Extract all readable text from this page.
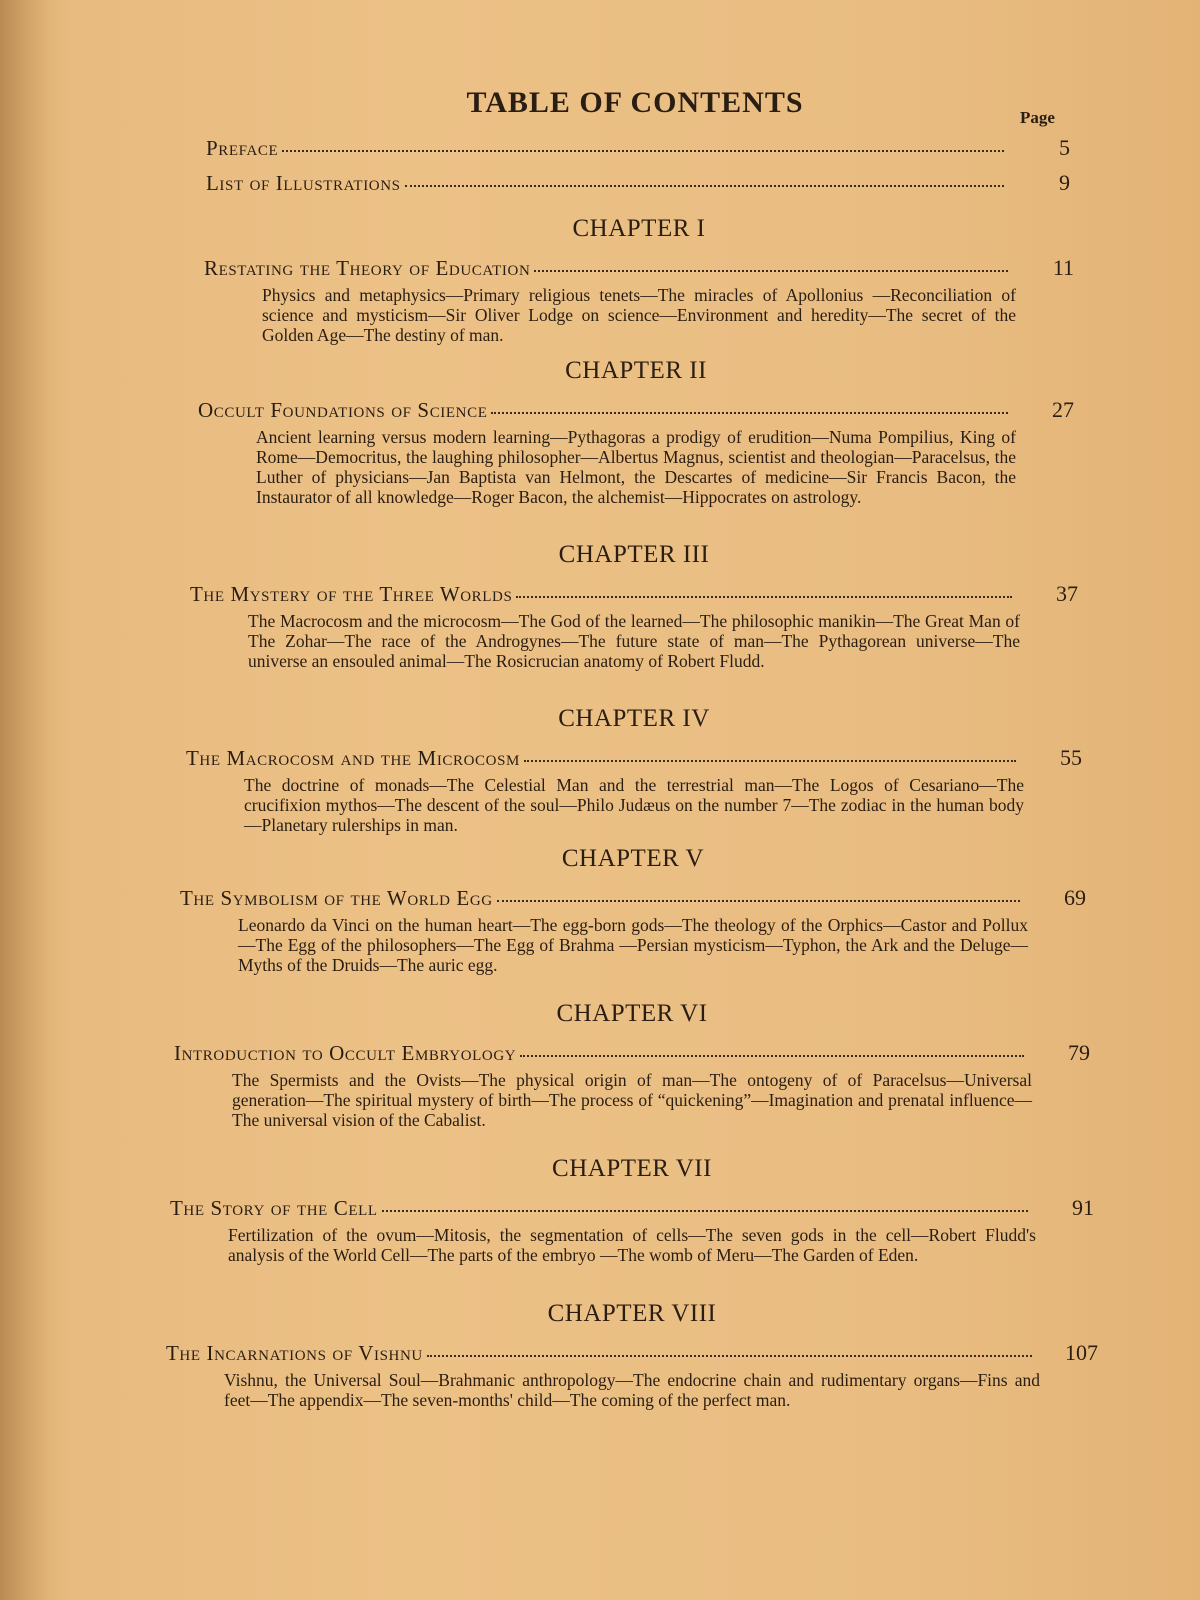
TABLE OF CONTENTS	Page
Preface	5
List of Illustrations	9
CHAPTER I
Restating the Theory of Education	11
Physics and metaphysics—Primary religious tenets—The miracles of Apollonius —Reconciliation of science and mysticism—Sir Oliver Lodge on science—Environment and heredity—The secret of the Golden Age—The destiny of man.
CHAPTER II
Occult Foundations of Science	27
Ancient learning versus modern learning—Pythagoras a prodigy of erudition—Numa Pompilius, King of Rome—Democritus, the laughing philosopher—Albertus Magnus, scientist and theologian—Paracelsus, the Luther of physicians—Jan Baptista van Helmont, the Descartes of medicine—Sir Francis Bacon, the Instaurator of all knowledge—Roger Bacon, the alchemist—Hippocrates on astrology.
CHAPTER III
The Mystery of the Three Worlds	37
The Macrocosm and the microcosm—The God of the learned—The philosophic manikin—The Great Man of The Zohar—The race of the Androgynes—The future state of man—The Pythagorean universe—The universe an ensouled animal—The Rosicrucian anatomy of Robert Fludd.
CHAPTER IV
The Macrocosm and the Microcosm	55
The doctrine of monads—The Celestial Man and the terrestrial man—The Logos of Cesariano—The crucifixion mythos—The descent of the soul—Philo Judæus on the number 7—The zodiac in the human body—Planetary rulerships in man.
CHAPTER V
The Symbolism of the World Egg	69
Leonardo da Vinci on the human heart—The egg-born gods—The theology of the Orphics—Castor and Pollux—The Egg of the philosophers—The Egg of Brahma —Persian mysticism—Typhon, the Ark and the Deluge—Myths of the Druids—The auric egg.
CHAPTER VI
Introduction to Occult Embryology	79
The Spermists and the Ovists—The physical origin of man—The ontogeny of of Paracelsus—Universal generation—The spiritual mystery of birth—The process of “quickening”—Imagination and prenatal influence—The universal vision of the Cabalist.
CHAPTER VII
The Story of the Cell	91
Fertilization of the ovum—Mitosis, the segmentation of cells—The seven gods in the cell—Robert Fludd's analysis of the World Cell—The parts of the embryo —The womb of Meru—The Garden of Eden.
CHAPTER VIII
The Incarnations of Vishnu	107
Vishnu, the Universal Soul—Brahmanic anthropology—The endocrine chain and rudimentary organs—Fins and feet—The appendix—The seven-months' child—The coming of the perfect man.
